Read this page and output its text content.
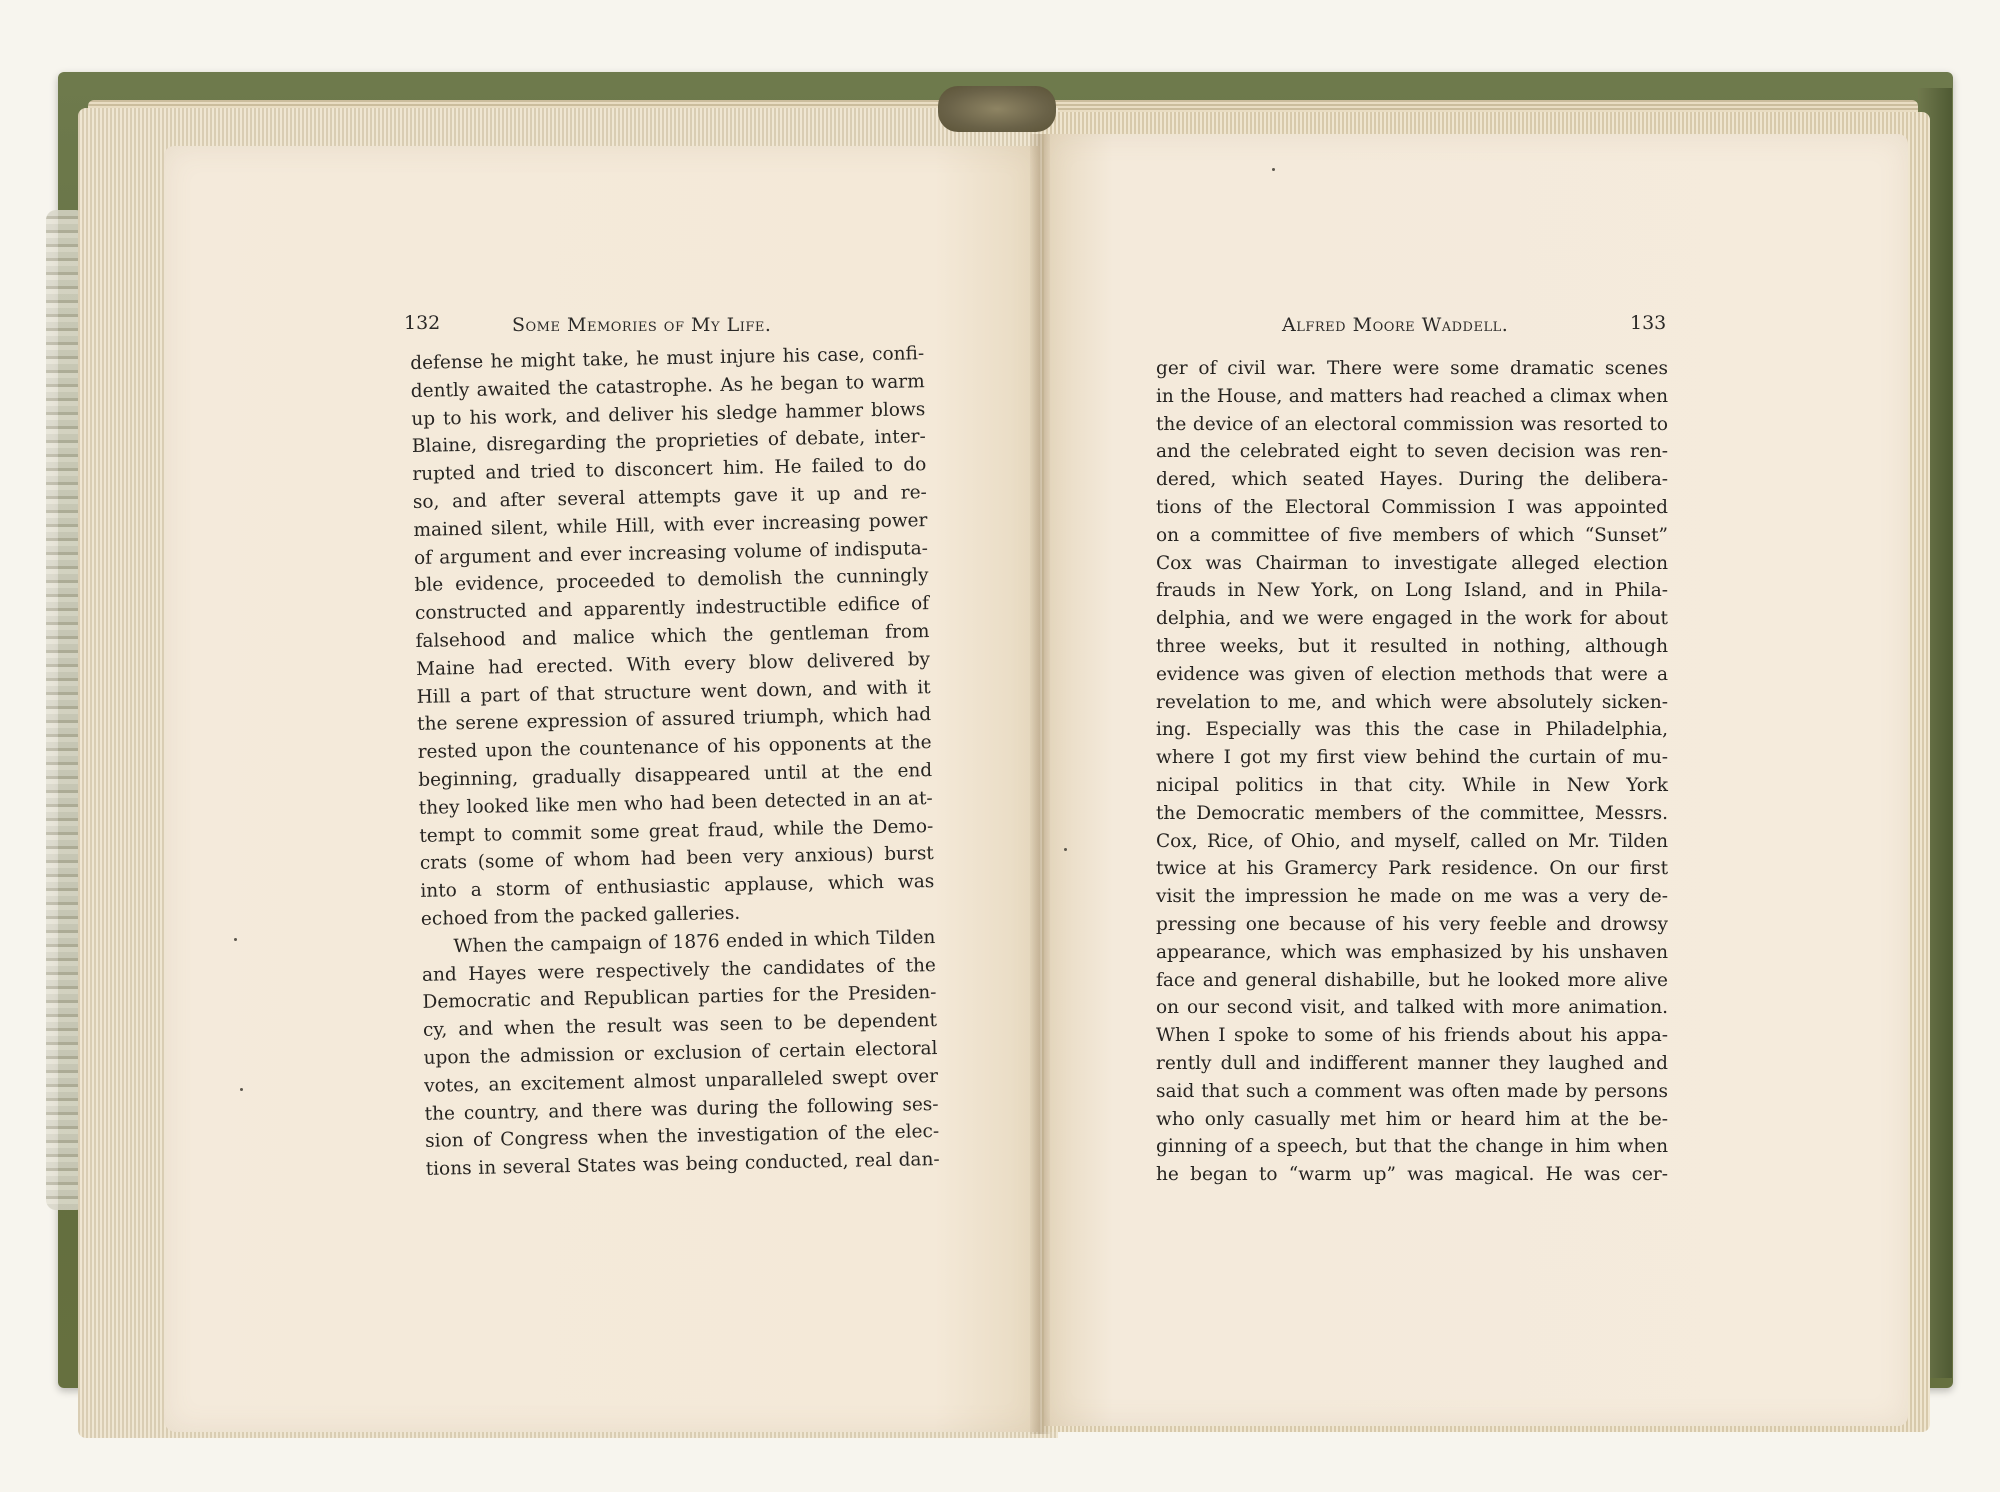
132	Some Memories of My Life.	Alfred Moore Waddell.	133
defense he might take, he must injure his case, confi-
dently awaited the catastrophe. As he began to warm
up to his work, and deliver his sledge hammer blows
Blaine, disregarding the proprieties of debate, inter-
rupted and tried to disconcert him. He failed to do
so, and after several attempts gave it up and re-
mained silent, while Hill, with ever increasing power
of argument and ever increasing volume of indisputa-
ble evidence, proceeded to demolish the cunningly
constructed and apparently indestructible edifice of
falsehood and malice which the gentleman from
Maine had erected. With every blow delivered by
Hill a part of that structure went down, and with it
the serene expression of assured triumph, which had
rested upon the countenance of his opponents at the
beginning, gradually disappeared until at the end
they looked like men who had been detected in an at-
tempt to commit some great fraud, while the Demo-
crats (some of whom had been very anxious) burst
into a storm of enthusiastic applause, which was
echoed from the packed galleries.
When the campaign of 1876 ended in which Tilden
and Hayes were respectively the candidates of the
Democratic and Republican parties for the Presiden-
cy, and when the result was seen to be dependent
upon the admission or exclusion of certain electoral
votes, an excitement almost unparalleled swept over
the country, and there was during the following ses-
sion of Congress when the investigation of the elec-
tions in several States was being conducted, real dan-
ger of civil war. There were some dramatic scenes
in the House, and matters had reached a climax when
the device of an electoral commission was resorted to
and the celebrated eight to seven decision was ren-
dered, which seated Hayes. During the delibera-
tions of the Electoral Commission I was appointed
on a committee of five members of which “Sunset”
Cox was Chairman to investigate alleged election
frauds in New York, on Long Island, and in Phila-
delphia, and we were engaged in the work for about
three weeks, but it resulted in nothing, although
evidence was given of election methods that were a
revelation to me, and which were absolutely sicken-
ing. Especially was this the case in Philadelphia,
where I got my first view behind the curtain of mu-
nicipal politics in that city. While in New York
the Democratic members of the committee, Messrs.
Cox, Rice, of Ohio, and myself, called on Mr. Tilden
twice at his Gramercy Park residence. On our first
visit the impression he made on me was a very de-
pressing one because of his very feeble and drowsy
appearance, which was emphasized by his unshaven
face and general dishabille, but he looked more alive
on our second visit, and talked with more animation.
When I spoke to some of his friends about his appa-
rently dull and indifferent manner they laughed and
said that such a comment was often made by persons
who only casually met him or heard him at the be-
ginning of a speech, but that the change in him when
he began to “warm up” was magical. He was cer-
